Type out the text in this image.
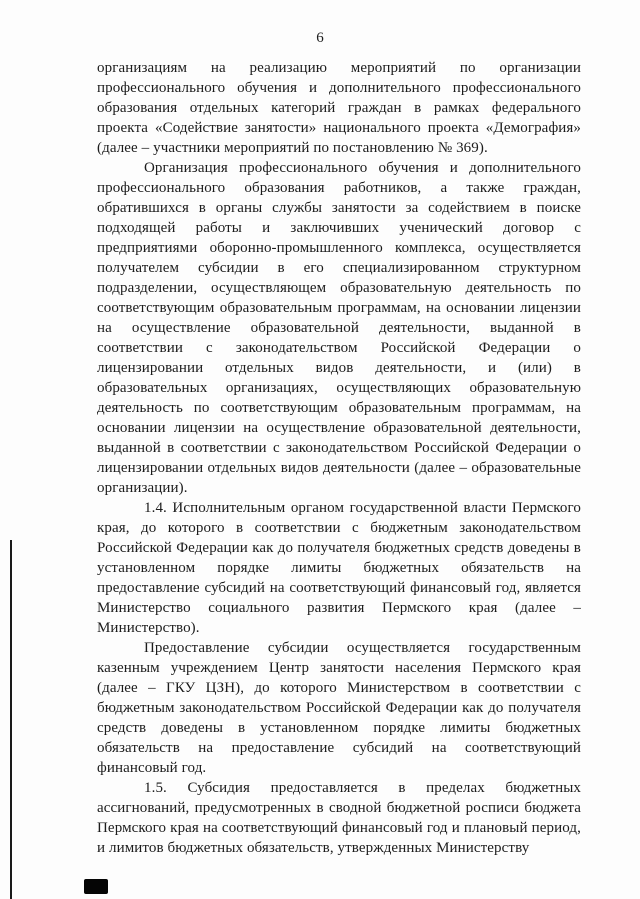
6

организациям на реализацию мероприятий по организации профессионального обучения и дополнительного профессионального образования отдельных категорий граждан в рамках федерального проекта «Содействие занятости» национального проекта «Демография» (далее – участники мероприятий по постановлению № 369).

Организация профессионального обучения и дополнительного профессионального образования работников, а также граждан, обратившихся в органы службы занятости за содействием в поиске подходящей работы и заключивших ученический договор с предприятиями оборонно-промышленного комплекса, осуществляется получателем субсидии в его специализированном структурном подразделении, осуществляющем образовательную деятельность по соответствующим образовательным программам, на основании лицензии на осуществление образовательной деятельности, выданной в соответствии с законодательством Российской Федерации о лицензировании отдельных видов деятельности, и (или) в образовательных организациях, осуществляющих образовательную деятельность по соответствующим образовательным программам, на основании лицензии на осуществление образовательной деятельности, выданной в соответствии с законодательством Российской Федерации о лицензировании отдельных видов деятельности (далее – образовательные организации).

1.4. Исполнительным органом государственной власти Пермского края, до которого в соответствии с бюджетным законодательством Российской Федерации как до получателя бюджетных средств доведены в установленном порядке лимиты бюджетных обязательств на предоставление субсидий на соответствующий финансовый год, является Министерство социального развития Пермского края (далее – Министерство).

Предоставление субсидии осуществляется государственным казенным учреждением Центр занятости населения Пермского края (далее – ГКУ ЦЗН), до которого Министерством в соответствии с бюджетным законодательством Российской Федерации как до получателя средств доведены в установленном порядке лимиты бюджетных обязательств на предоставление субсидий на соответствующий финансовый год.

1.5. Субсидия предоставляется в пределах бюджетных ассигнований, предусмотренных в сводной бюджетной росписи бюджета Пермского края на соответствующий финансовый год и плановый период, и лимитов бюджетных обязательств, утвержденных Министерству
